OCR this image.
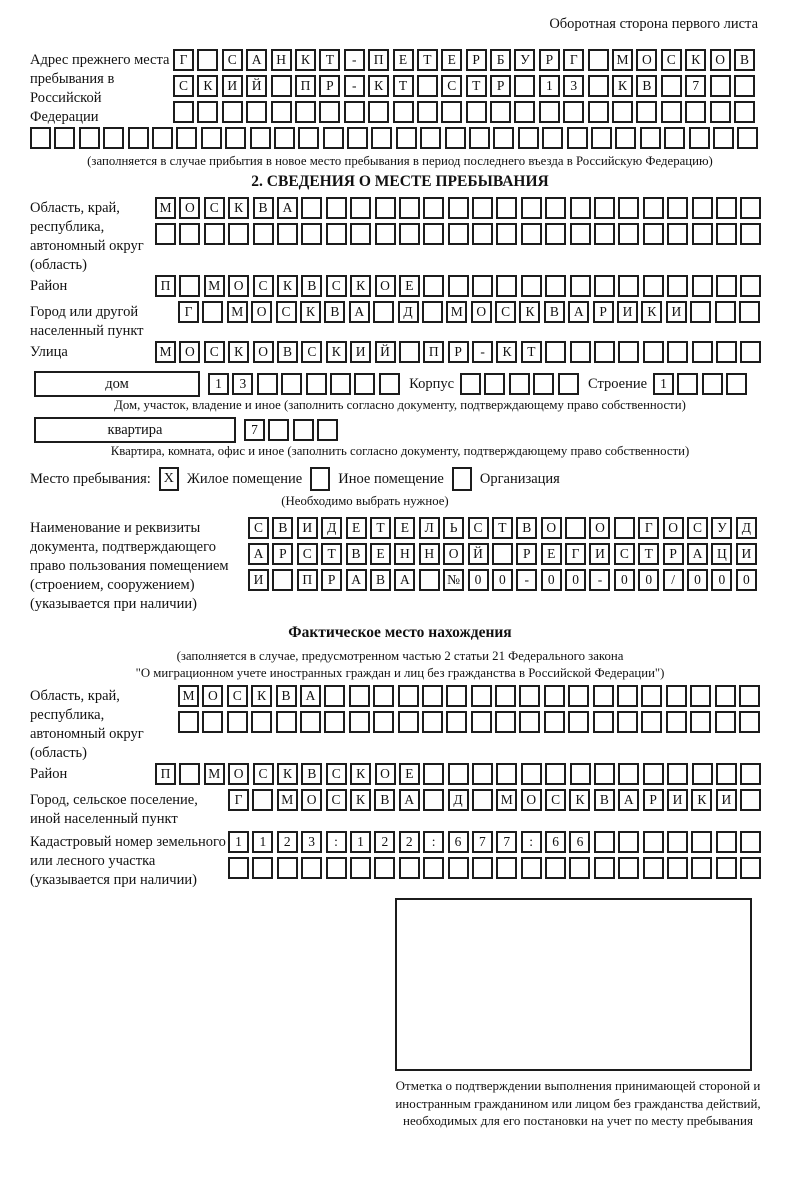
Оборотная сторона первого листа
Адрес прежнего места пребывания в Российской Федерации
Г	С	А	Н	К	Т	-	П	Е	Т	Е	Р	Б	У	Р	Г	М	О	С	К	О	В
С	К	И	Й	П	Р	-	К	Т	С	Т	Р	1	3	К	В	7
(заполняется в случае прибытия в новое место пребывания в период последнего въезда в Российскую Федерацию)
2. СВЕДЕНИЯ О МЕСТЕ ПРЕБЫВАНИЯ
Область, край, республика, автономный округ (область)
М	О	С	К	В	А
Район	П	М	О	С	К	В	С	К	О	Е
Город или другой населенный пункт
Г	М	О	С	К	В	А	Д	М	О	С	К	В	А	Р	И	К	И
Улица	М	О	С	К	О	В	С	К	И	Й	П	Р	-	К	Т
дом	1	3	Корпус	Строение 1
Дом, участок, владение и иное (заполнить согласно документу, подтверждающему право собственности)
квартира	7
Квартира, комната, офис и иное (заполнить согласно документу, подтверждающему право собственности)
Место пребывания: X Жилое помещение Иное помещение Организация
(Необходимо выбрать нужное)
Наименование и реквизиты документа, подтверждающего право пользования помещением (строением, сооружением) (указывается при наличии)
С	В	И	Д	Е	Т	Е	Л	Ь	С	Т	В	О	О	Г	О	С	У	Д
А	Р	С	Т	В	Е	Н	Н	О	Й	Р	Е	Г	И	С	Т	Р	А	Ц	И
И	П	Р	А	В	А	№	0	0	-	0	0	-	0	0	/	0	0	0
Фактическое место нахождения
(заполняется в случае, предусмотренном частью 2 статьи 21 Федерального закона
"О миграционном учете иностранных граждан и лиц без гражданства в Российской Федерации")
Область, край, республика, автономный округ (область)
М	О	С	К	В	А
Район	П	М	О	С	К	В	С	К	О	Е
Город, сельское поселение, иной населенный пункт
Г	М	О	С	К	В	А	Д	М	О	С	К	В	А	Р	И	К	И
Кадастровый номер земельного или лесного участка (указывается при наличии)
1	1	2	3	:	1	2	2	:	6	7	7	:	6	6
Отметка о подтверждении выполнения принимающей стороной и иностранным гражданином или лицом без гражданства действий, необходимых для его постановки на учет по месту пребывания
